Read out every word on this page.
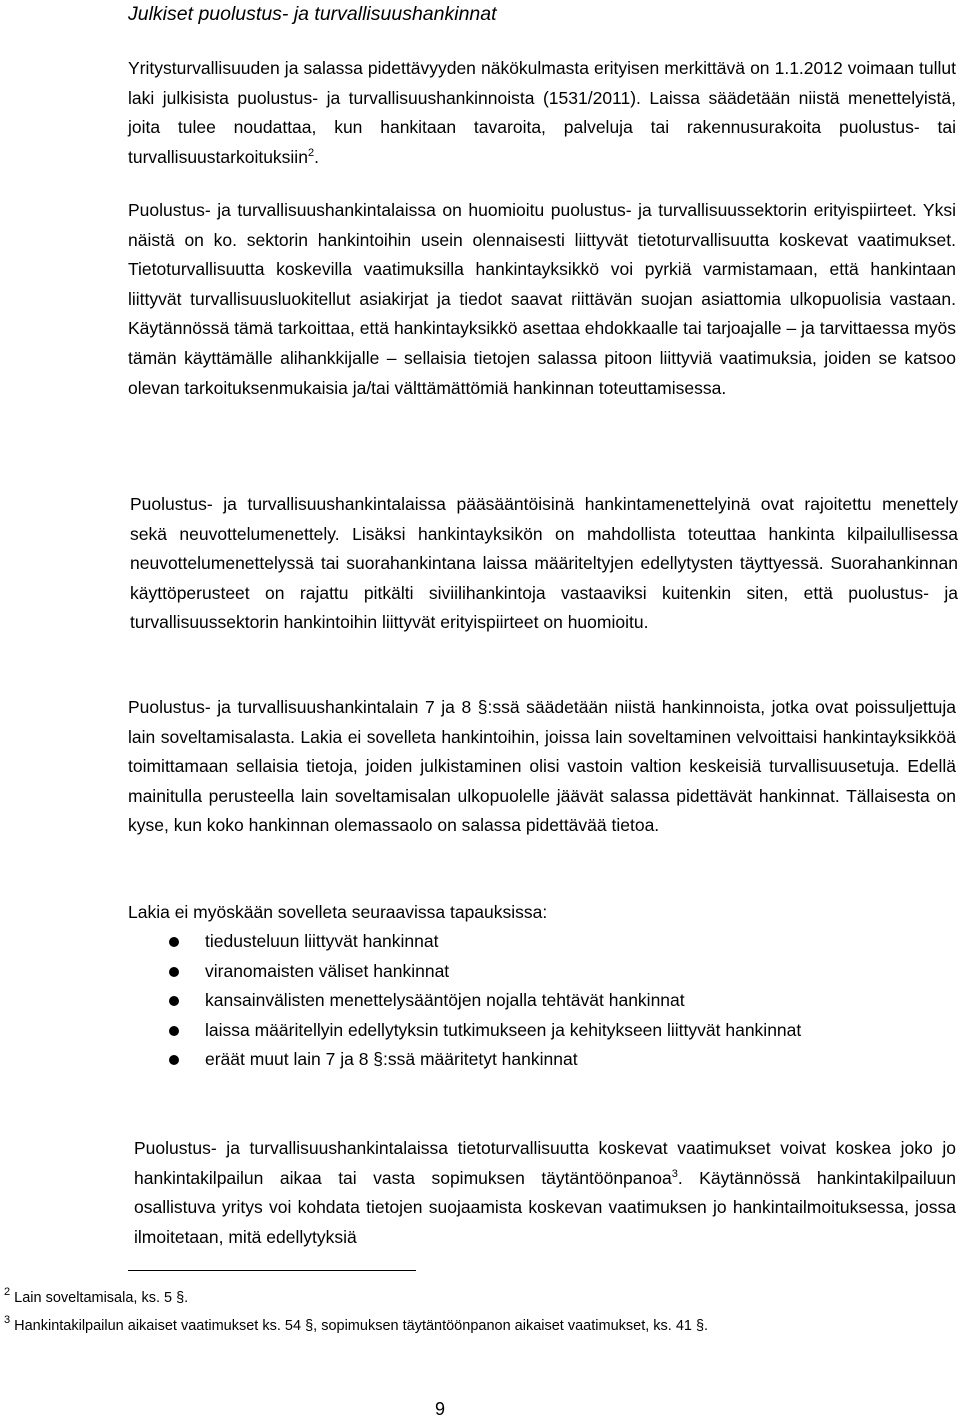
Julkiset puolustus- ja turvallisuushankinnat

Yritysturvallisuuden ja salassa pidettävyyden näkökulmasta erityisen merkittävä on 1.1.2012 voimaan tullut laki julkisista puolustus- ja turvallisuushankinnoista (1531/2011). Laissa säädetään niistä menettelyistä, joita tulee noudattaa, kun hankitaan tavaroita, palveluja tai rakennusurakoita puolustus- tai turvallisuustarkoituksiin$^2$.

Puolustus- ja turvallisuushankintalaissa on huomioitu puolustus- ja turvallisuussektorin erityispiirteet. Yksi näistä on ko. sektorin hankintoihin usein olennaisesti liittyvät tietoturvallisuutta koskevat vaatimukset. Tietoturvallisuutta koskevilla vaatimuksilla hankintayksikkö voi pyrkiä varmistamaan, että hankintaan liittyvät turvallisuusluokitellut asiakirjat ja tiedot saavat riittävän suojan asiattomia ulkopuolisia vastaan. Käytännössä tämä tarkoittaa, että hankintayksikkö asettaa ehdokkaalle tai tarjoajalle – ja tarvittaessa myös tämän käyttämälle alihankkijalle – sellaisia tietojen salassa pitoon liittyviä vaatimuksia, joiden se katsoo olevan tarkoituksenmukaisia ja/tai välttämättömiä hankinnan toteuttamisessa.

Puolustus- ja turvallisuushankintalaissa pääsääntöisinä hankintamenettelyinä ovat rajoitettu menettely sekä neuvottelumenettely. Lisäksi hankintayksikön on mahdollista toteuttaa hankinta kilpailullisessa neuvottelumenettelyssä tai suorahankintana laissa määriteltyjen edellytysten täyttyessä. Suorahankinnan käyttöperusteet on rajattu pitkälti siviilihankintoja vastaaviksi kuitenkin siten, että puolustus- ja turvallisuussektorin hankintoihin liittyvät erityispiirteet on huomioitu.

Puolustus- ja turvallisuushankintalain 7 ja 8 §:ssä säädetään niistä hankinnoista, jotka ovat poissuljettuja lain soveltamisalasta. Lakia ei sovelleta hankintoihin, joissa lain soveltaminen velvoittaisi hankintayksikköä toimittamaan sellaisia tietoja, joiden julkistaminen olisi vastoin valtion keskeisiä turvallisuusetuja. Edellä mainitulla perusteella lain soveltamisalan ulkopuolelle jäävät salassa pidettävät hankinnat. Tällaisesta on kyse, kun koko hankinnan olemassaolo on salassa pidettävää tietoa.

Lakia ei myöskään sovelleta seuraavissa tapauksissa:

tiedusteluun liittyvät hankinnat
viranomaisten väliset hankinnat
kansainvälisten menettelysääntöjen nojalla tehtävät hankinnat
laissa määritellyin edellytyksin tutkimukseen ja kehitykseen liittyvät hankinnat
eräät muut lain 7 ja 8 §:ssä määritetyt hankinnat

Puolustus- ja turvallisuushankintalaissa tietoturvallisuutta koskevat vaatimukset voivat koskea joko jo hankintakilpailun aikaa tai vasta sopimuksen täytäntöönpanoa$^3$. Käytännössä hankintakilpailuun osallistuva yritys voi kohdata tietojen suojaamista koskevan vaatimuksen jo hankintailmoituksessa, jossa ilmoitetaan, mitä edellytyksiä

$^2$ Lain soveltamisala, ks. 5 §.
$^3$ Hankintakilpailun aikaiset vaatimukset ks. 54 §, sopimuksen täytäntöönpanon aikaiset vaatimukset, ks. 41 §.
9
